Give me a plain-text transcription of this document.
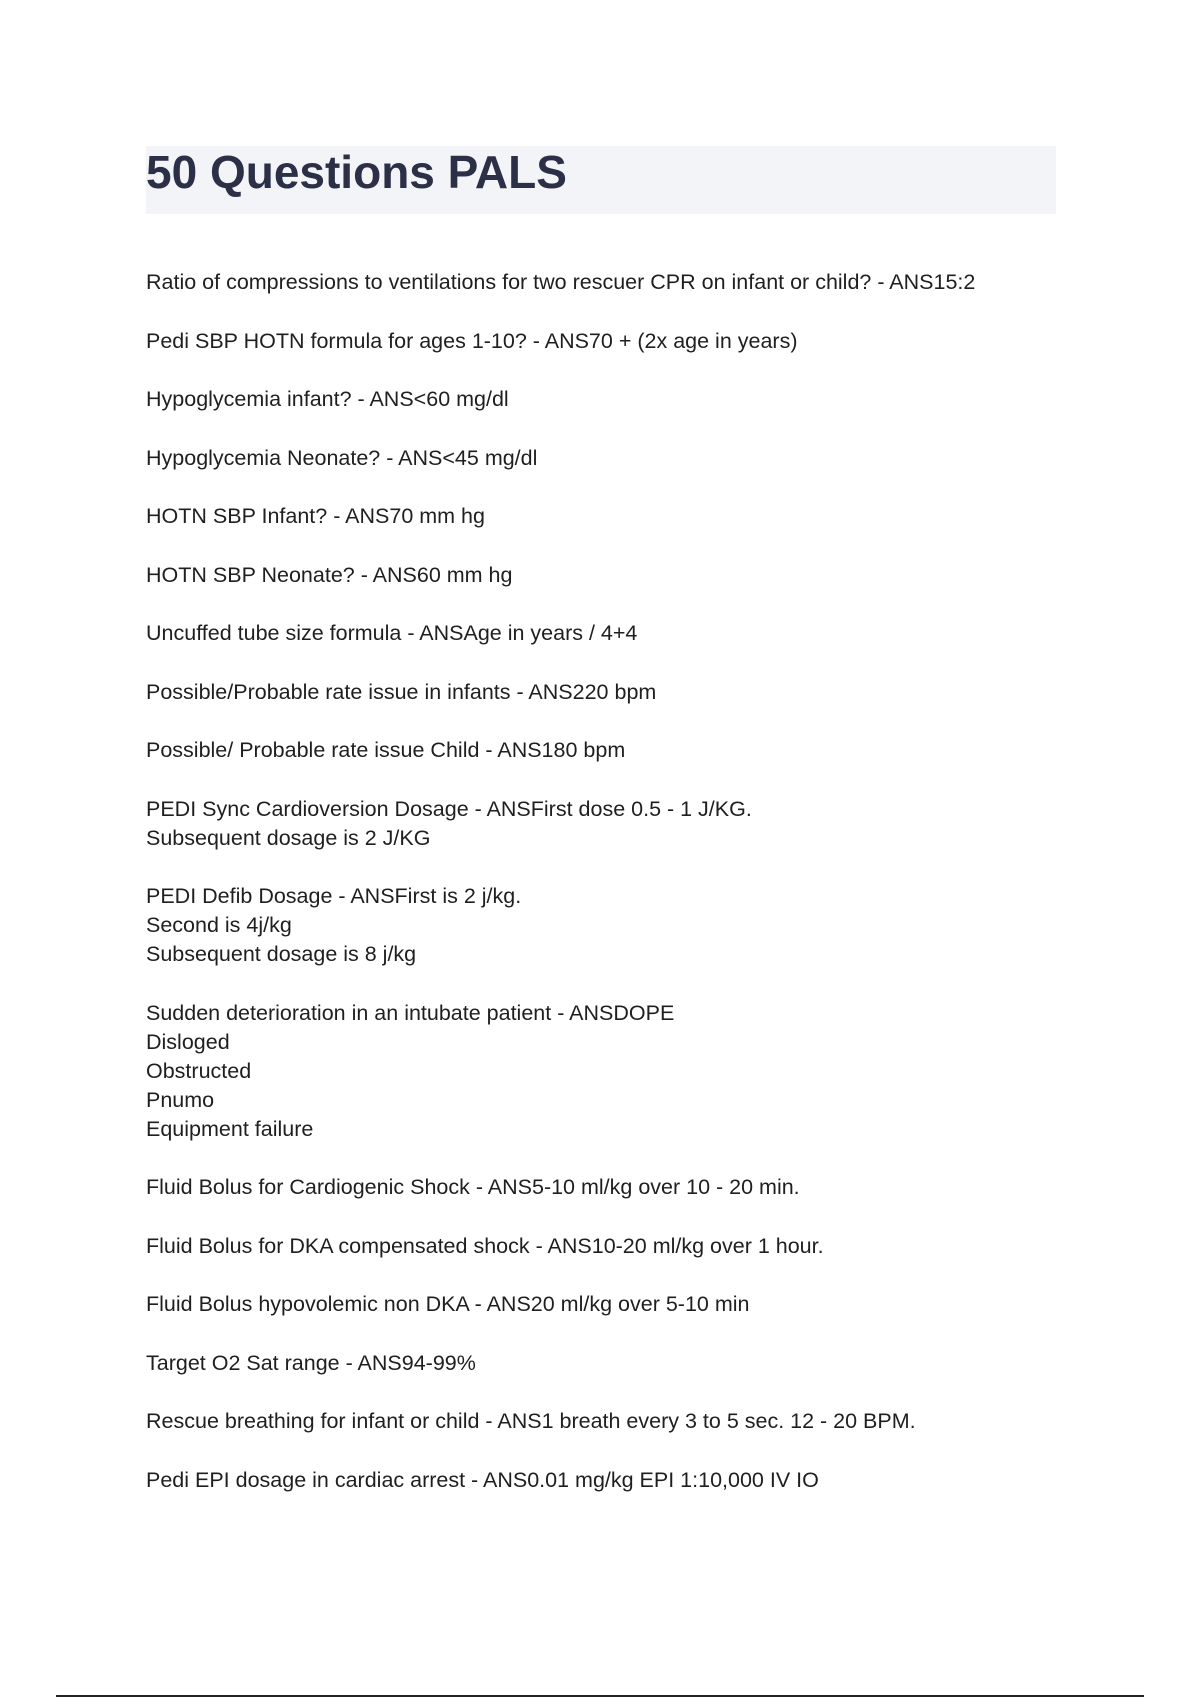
50 Questions PALS

Ratio of compressions to ventilations for two rescuer CPR on infant or child? - ANS15:2

Pedi SBP HOTN formula for ages 1-10? - ANS70 + (2x age in years)

Hypoglycemia infant? - ANS<60 mg/dl

Hypoglycemia Neonate? - ANS<45 mg/dl

HOTN SBP Infant? - ANS70 mm hg

HOTN SBP Neonate? - ANS60 mm hg

Uncuffed tube size formula - ANSAge in years / 4+4

Possible/Probable rate issue in infants - ANS220 bpm

Possible/ Probable rate issue Child - ANS180 bpm

PEDI Sync Cardioversion Dosage - ANSFirst dose 0.5 - 1 J/KG.
Subsequent dosage is 2 J/KG

PEDI Defib Dosage - ANSFirst is 2 j/kg.
Second is 4j/kg
Subsequent dosage is 8 j/kg

Sudden deterioration in an intubate patient - ANSDOPE
Disloged
Obstructed
Pnumo
Equipment failure

Fluid Bolus for Cardiogenic Shock - ANS5-10 ml/kg over 10 - 20 min.

Fluid Bolus for DKA compensated shock - ANS10-20 ml/kg over 1 hour.

Fluid Bolus hypovolemic non DKA - ANS20 ml/kg over 5-10 min

Target O2 Sat range - ANS94-99%

Rescue breathing for infant or child - ANS1 breath every 3 to 5 sec. 12 - 20 BPM.

Pedi EPI dosage in cardiac arrest - ANS0.01 mg/kg EPI 1:10,000 IV IO
